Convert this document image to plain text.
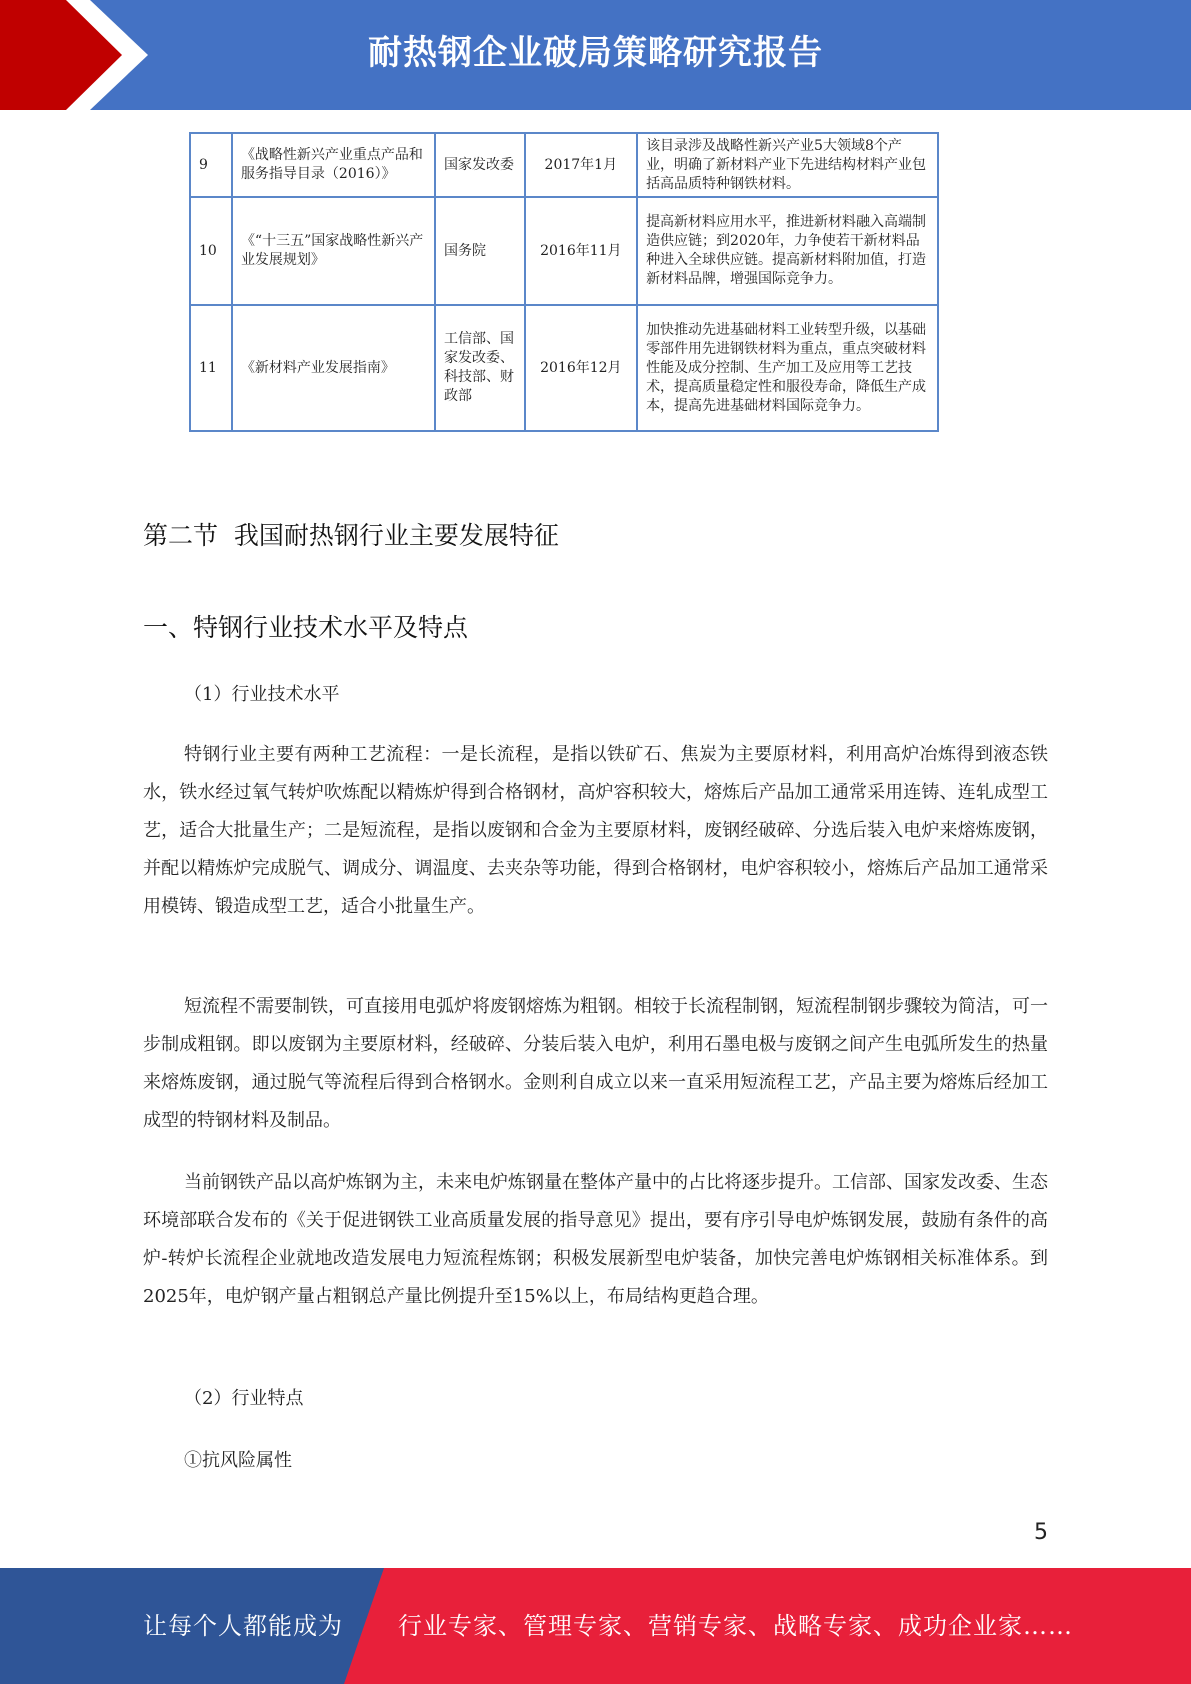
耐热钢企业破局策略研究报告
9	《战略性新兴产业重点产品和服务指导目录（2016）》	国家发改委	2017年1月	该目录涉及战略性新兴产业5大领域8个产业，明确了新材料产业下先进结构材料产业包括高品质特种钢铁材料。
10	《“十三五”国家战略性新兴产业发展规划》	国务院	2016年11月	提高新材料应用水平，推进新材料融入高端制造供应链；到2020年，力争使若干新材料品种进入全球供应链。提高新材料附加值，打造新材料品牌，增强国际竞争力。
11	《新材料产业发展指南》	工信部、国家发改委、科技部、财政部	2016年12月	加快推动先进基础材料工业转型升级，以基础零部件用先进钢铁材料为重点，重点突破材料性能及成分控制、生产加工及应用等工艺技术，提高质量稳定性和服役寿命，降低生产成本，提高先进基础材料国际竞争力。
第二节  我国耐热钢行业主要发展特征
一、特钢行业技术水平及特点
（1）行业技术水平

特钢行业主要有两种工艺流程：一是长流程，是指以铁矿石、焦炭为主要原材料，利用高炉冶炼得到液态铁水，铁水经过氧气转炉吹炼配以精炼炉得到合格钢材，高炉容积较大，熔炼后产品加工通常采用连铸、连轧成型工艺，适合大批量生产；二是短流程，是指以废钢和合金为主要原材料，废钢经破碎、分选后装入电炉来熔炼废钢，并配以精炼炉完成脱气、调成分、调温度、去夹杂等功能，得到合格钢材，电炉容积较小，熔炼后产品加工通常采用模铸、锻造成型工艺，适合小批量生产。

短流程不需要制铁，可直接用电弧炉将废钢熔炼为粗钢。相较于长流程制钢，短流程制钢步骤较为简洁，可一步制成粗钢。即以废钢为主要原材料，经破碎、分装后装入电炉，利用石墨电极与废钢之间产生电弧所发生的热量来熔炼废钢，通过脱气等流程后得到合格钢水。金则利自成立以来一直采用短流程工艺，产品主要为熔炼后经加工成型的特钢材料及制品。

当前钢铁产品以高炉炼钢为主，未来电炉炼钢量在整体产量中的占比将逐步提升。工信部、国家发改委、生态环境部联合发布的《关于促进钢铁工业高质量发展的指导意见》提出，要有序引导电炉炼钢发展，鼓励有条件的高炉-转炉长流程企业就地改造发展电力短流程炼钢；积极发展新型电炉装备，加快完善电炉炼钢相关标准体系。到2025年，电炉钢产量占粗钢总产量比例提升至15%以上，布局结构更趋合理。

（2）行业特点
①抗风险属性
5
让每个人都能成为 行业专家、管理专家、营销专家、战略专家、成功企业家……
